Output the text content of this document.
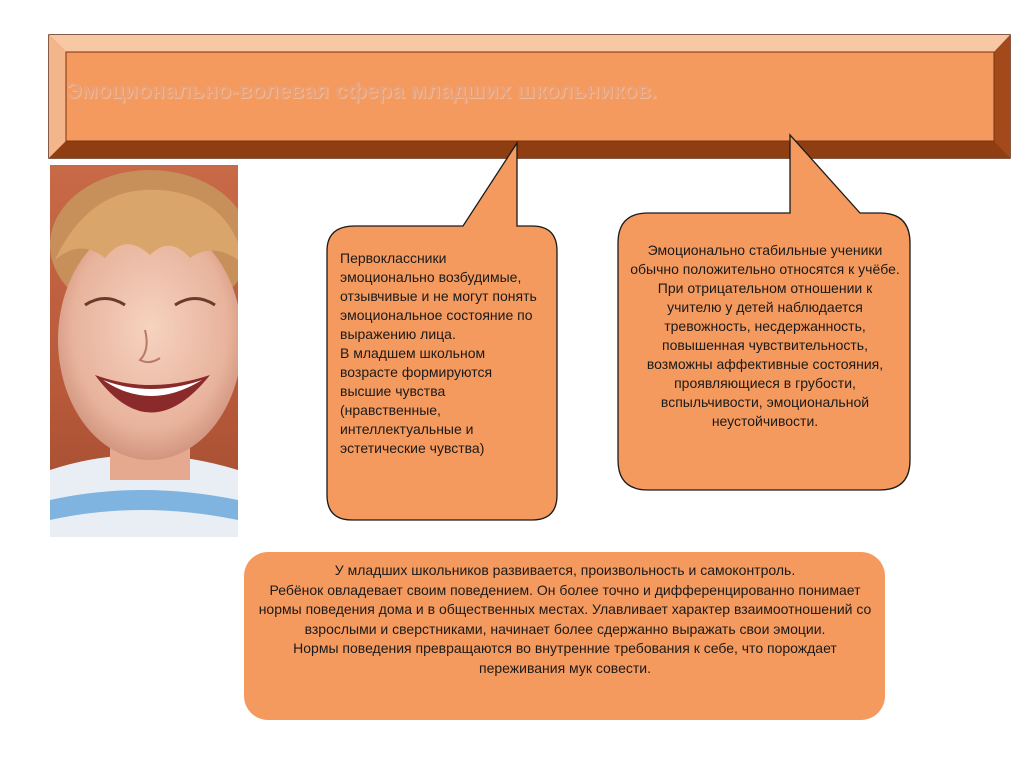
Эмоционально-волевая сфера младших школьников.
Первоклассники эмоционально возбудимые, отзывчивые и не могут понять эмоциональное состояние по выражению лица.
В младшем школьном возрасте формируются высшие чувства (нравственные, интеллектуальные и эстетические чувства)
Эмоционально стабильные ученики обычно положительно относятся к учёбе. При отрицательном отношении к учителю у детей наблюдается тревожность, несдержанность, повышенная чувствительность, возможны аффективные состояния, проявляющиеся в грубости, вспыльчивости, эмоциональной неустойчивости.
У младших школьников развивается, произвольность и самоконтроль.
Ребёнок овладевает своим поведением. Он более точно и дифференцированно понимает нормы поведения дома и в общественных местах. Улавливает характер взаимоотношений со взрослыми и сверстниками, начинает более сдержанно выражать свои эмоции.
Нормы поведения превращаются во внутренние требования к себе, что порождает переживания мук совести.
